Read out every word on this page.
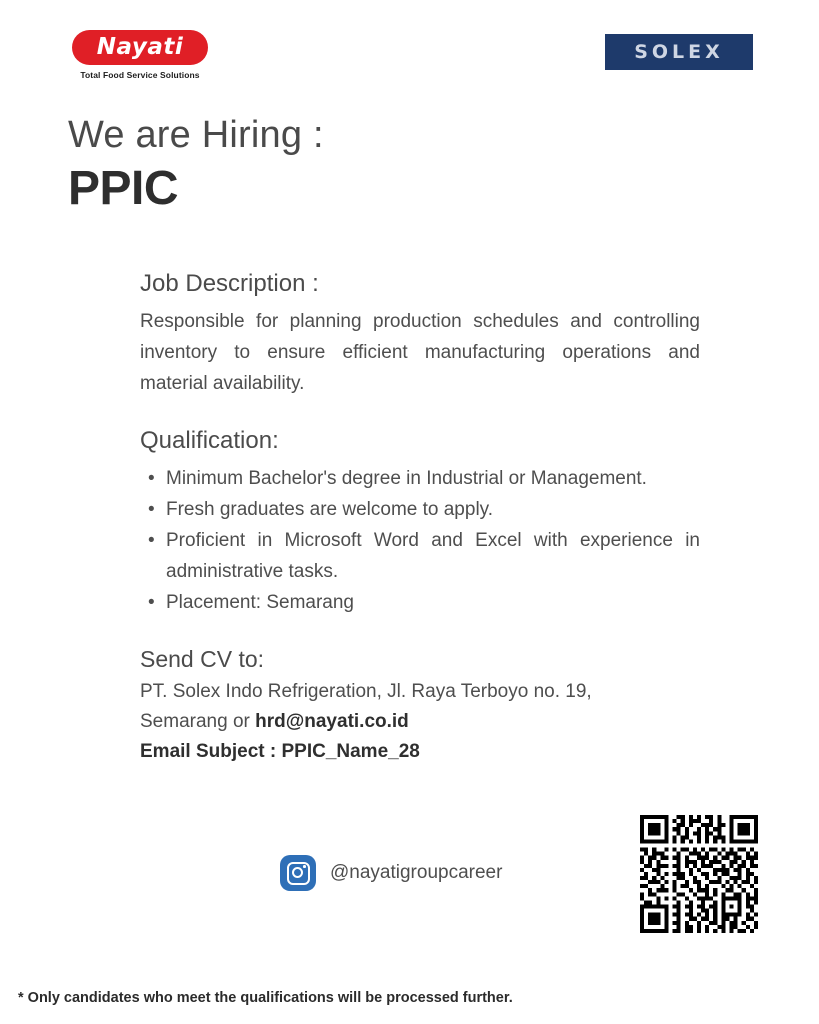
Nayati
Total Food Service Solutions
SOLEX
We are Hiring :
PPIC
Job Description :

Responsible for planning production schedules and controlling inventory to ensure efficient manufacturing operations and material availability.

Qualification:
• Minimum Bachelor's degree in Industrial or Management.
• Fresh graduates are welcome to apply.
• Proficient in Microsoft Word and Excel with experience in administrative tasks.
• Placement: Semarang
Send CV to:
PT. Solex Indo Refrigeration, Jl. Raya Terboyo no. 19,
Semarang or hrd@nayati.co.id
Email Subject : PPIC_Name_28
@nayatigroupcareer
* Only candidates who meet the qualifications will be processed further.
